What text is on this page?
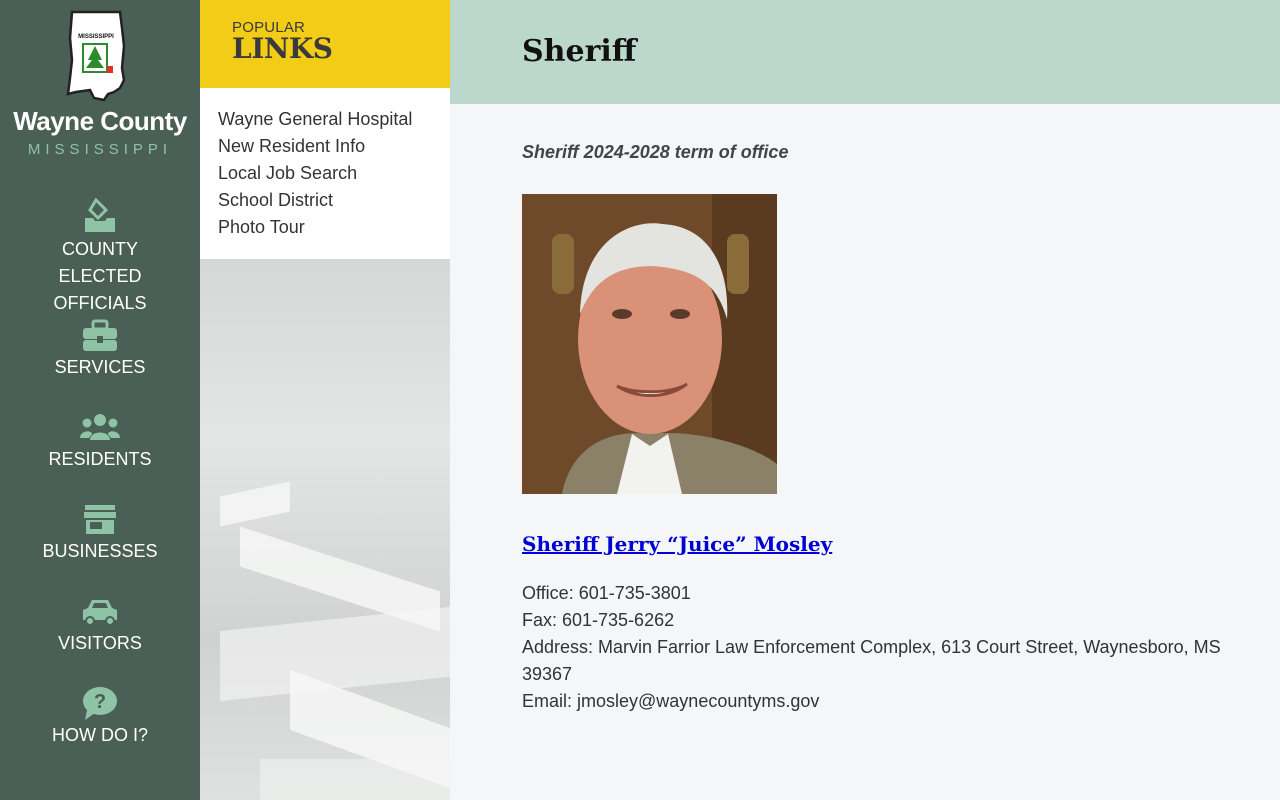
MISSISSIPPI
Wayne County
MISSISSIPPI
COUNTY ELECTED OFFICIALS
SERVICES
RESIDENTS
BUSINESSES
VISITORS
?
HOW DO I?
POPULAR
LINKS
Wayne General Hospital
New Resident Info
Local Job Search
School District
Photo Tour
Sheriff
Sheriff 2024-2028 term of office
Sheriff Jerry “Juice” Mosley
Office: 601-735-3801
Fax: 601-735-6262
Address: Marvin Farrior Law Enforcement Complex, 613 Court Street, Waynesboro, MS
39367
Email: jmosley@waynecountyms.gov
